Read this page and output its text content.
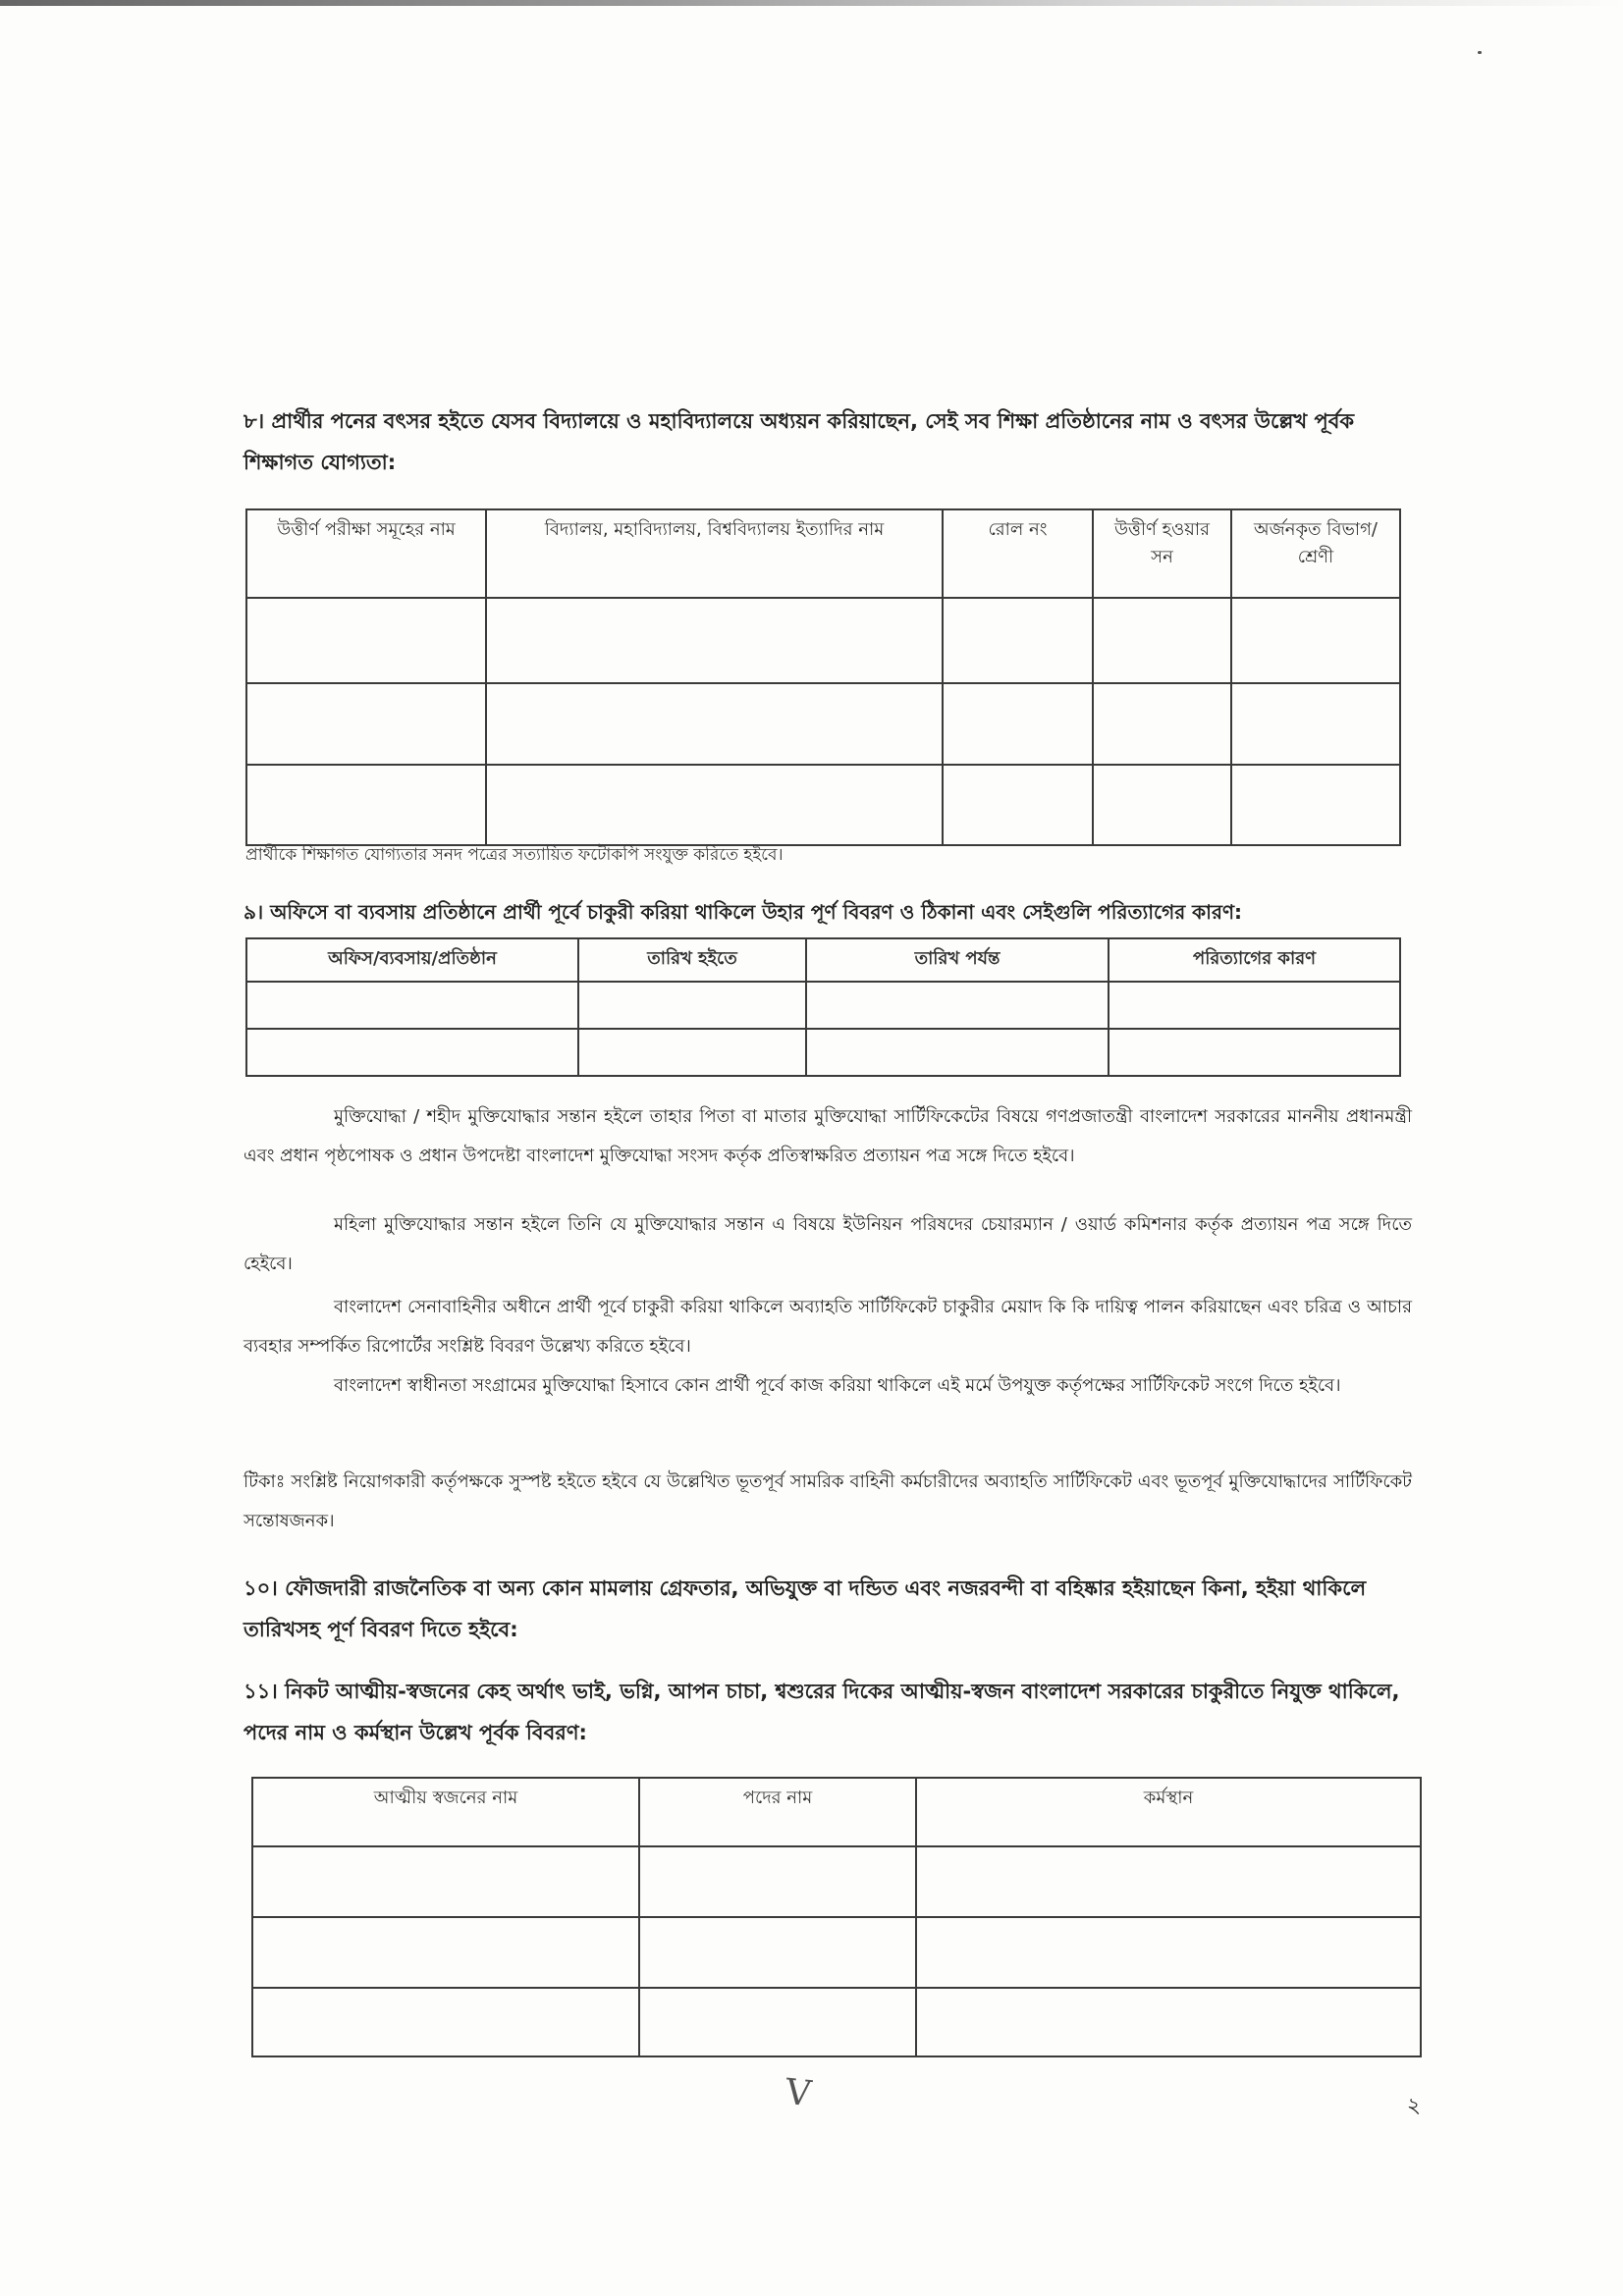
৮। প্রার্থীর পনের বৎসর হইতে যেসব বিদ্যালয়ে ও মহাবিদ্যালয়ে অধ্যয়ন করিয়াছেন, সেই সব শিক্ষা প্রতিষ্ঠানের নাম ও বৎসর উল্লেখ পূর্বক শিক্ষাগত যোগ্যতা:
উত্তীর্ণ পরীক্ষা সমূহের নাম	বিদ্যালয়, মহাবিদ্যালয়, বিশ্ববিদ্যালয় ইত্যাদির নাম	রোল নং	উত্তীর্ণ হওয়ার সন	অর্জনকৃত বিভাগ/শ্রেণী

প্রার্থীকে শিক্ষাগত যোগ্যতার সনদ পত্রের সত্যায়িত ফটোকপি সংযুক্ত করিতে হইবে।
৯। অফিসে বা ব্যবসায় প্রতিষ্ঠানে প্রার্থী পূর্বে চাকুরী করিয়া থাকিলে উহার পূর্ণ বিবরণ ও ঠিকানা এবং সেইগুলি পরিত্যাগের কারণ:
অফিস/ব্যবসায়/প্রতিষ্ঠান	তারিখ হইতে	তারিখ পর্যন্ত	পরিত্যাগের কারণ

মুক্তিযোদ্ধা / শহীদ মুক্তিযোদ্ধার সন্তান হইলে তাহার পিতা বা মাতার মুক্তিযোদ্ধা সার্টিফিকেটের বিষয়ে গণপ্রজাতন্ত্রী বাংলাদেশ সরকারের মাননীয় প্রধানমন্ত্রী এবং প্রধান পৃষ্ঠপোষক ও প্রধান উপদেষ্টা বাংলাদেশ মুক্তিযোদ্ধা সংসদ কর্তৃক প্রতিস্বাক্ষরিত প্রত্যায়ন পত্র সঙ্গে দিতে হইবে।
মহিলা মুক্তিযোদ্ধার সন্তান হইলে তিনি যে মুক্তিযোদ্ধার সন্তান এ বিষয়ে ইউনিয়ন পরিষদের চেয়ারম্যান / ওয়ার্ড কমিশনার কর্তৃক প্রত্যায়ন পত্র সঙ্গে দিতে হেইবে।
বাংলাদেশ সেনাবাহিনীর অধীনে প্রার্থী পূর্বে চাকুরী করিয়া থাকিলে অব্যাহতি সার্টিফিকেট চাকুরীর মেয়াদ কি কি দায়িত্ব পালন করিয়াছেন এবং চরিত্র ও আচার ব্যবহার সম্পর্কিত রিপোর্টের সংশ্লিষ্ট বিবরণ উল্লেখ্য করিতে হইবে।
বাংলাদেশ স্বাধীনতা সংগ্রামের মুক্তিযোদ্ধা হিসাবে কোন প্রার্থী পূর্বে কাজ করিয়া থাকিলে এই মর্মে উপযুক্ত কর্তৃপক্ষের সার্টিফিকেট সংগে দিতে হইবে।
টিকাঃ সংশ্লিষ্ট নিয়োগকারী কর্তৃপক্ষকে সুস্পষ্ট হইতে হইবে যে উল্লেখিত ভূতপূর্ব সামরিক বাহিনী কর্মচারীদের অব্যাহতি সার্টিফিকেট এবং ভূতপূর্ব মুক্তিযোদ্ধাদের সার্টিফিকেট সন্তোষজনক।
১০। ফৌজদারী রাজনৈতিক বা অন্য কোন মামলায় গ্রেফতার, অভিযুক্ত বা দন্ডিত এবং নজরবন্দী বা বহিষ্কার হইয়াছেন কিনা, হইয়া থাকিলে তারিখসহ পূর্ণ বিবরণ দিতে হইবে:
১১। নিকট আত্মীয়-স্বজনের কেহ অর্থাৎ ভাই, ভগ্নি, আপন চাচা, শ্বশুরের দিকের আত্মীয়-স্বজন বাংলাদেশ সরকারের চাকুরীতে নিযুক্ত থাকিলে, পদের নাম ও কর্মস্থান উল্লেখ পূর্বক বিবরণ:
আত্মীয় স্বজনের নাম	পদের নাম	কর্মস্থান

V	২
